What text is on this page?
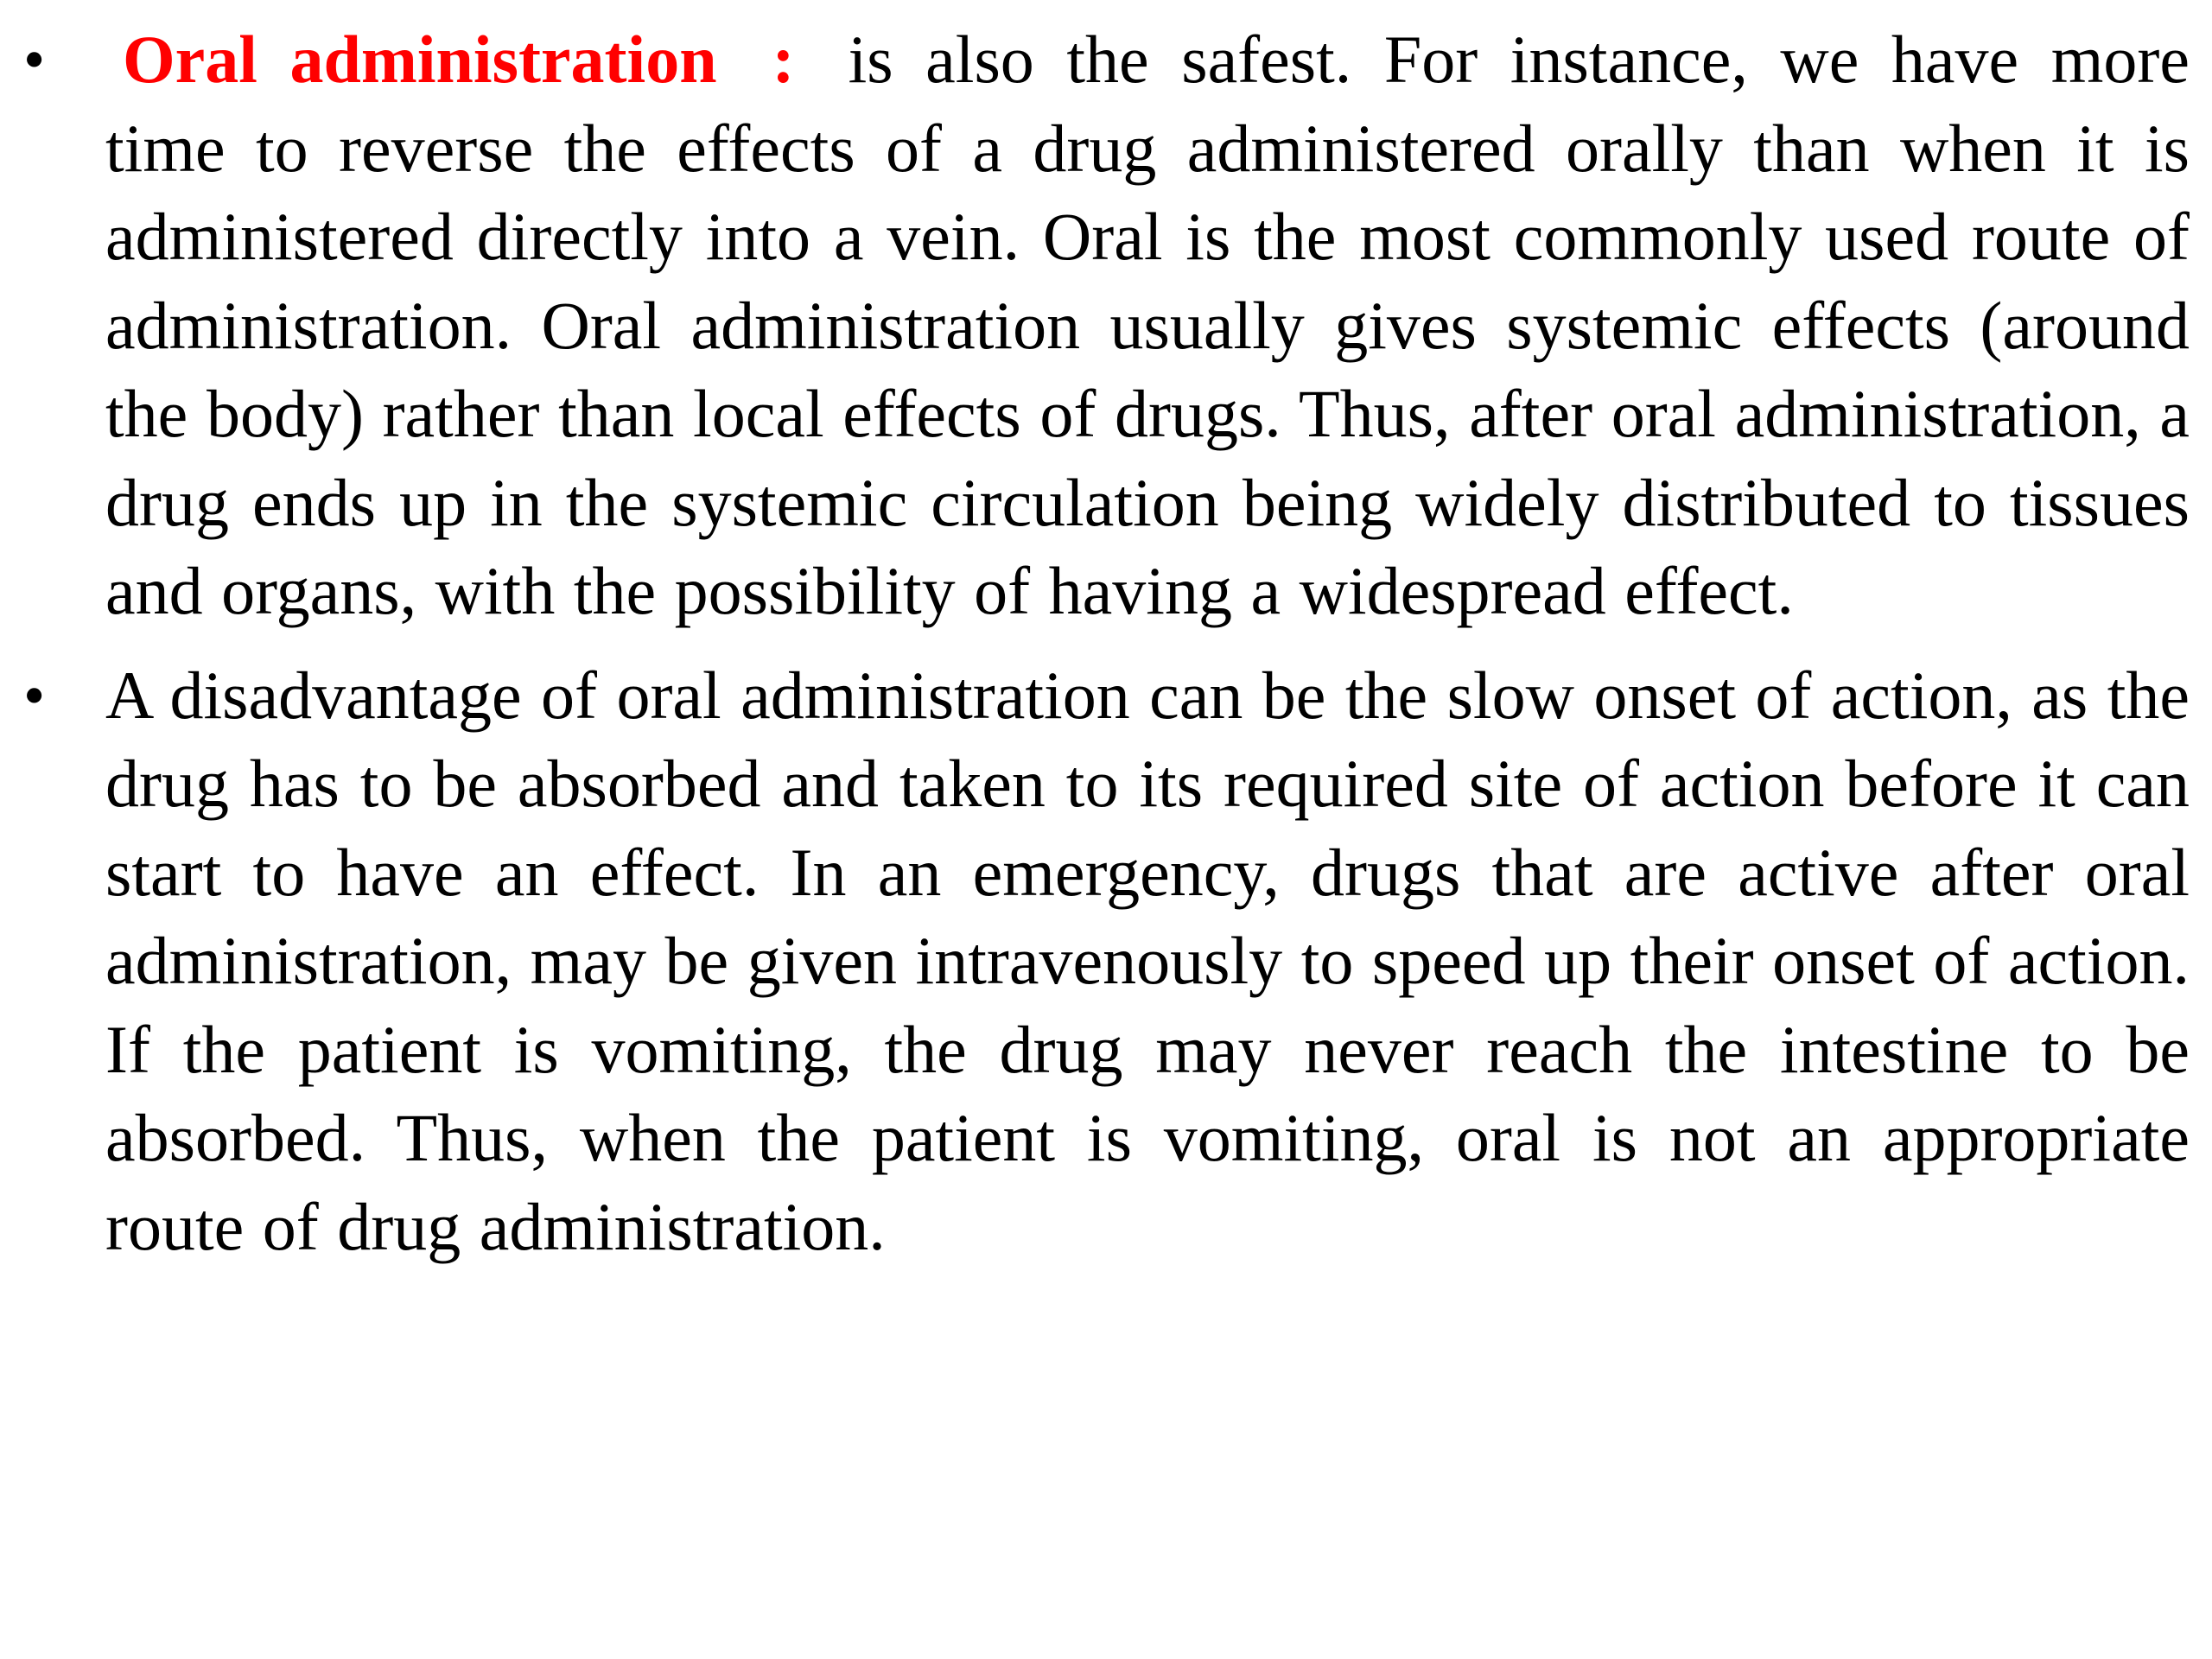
• Oral administration : is also the safest. For instance, we have more time to reverse the effects of a drug administered orally than when it is administered directly into a vein. Oral is the most commonly used route of administration. Oral administration usually gives systemic effects (around the body) rather than local effects of drugs. Thus, after oral administration, a drug ends up in the systemic circulation being widely distributed to tissues and organs, with the possibility of having a widespread effect.
• A disadvantage of oral administration can be the slow onset of action, as the drug has to be absorbed and taken to its required site of action before it can start to have an effect. In an emergency, drugs that are active after oral administration, may be given intravenously to speed up their onset of action. If the patient is vomiting, the drug may never reach the intestine to be absorbed. Thus, when the patient is vomiting, oral is not an appropriate route of drug administration.
